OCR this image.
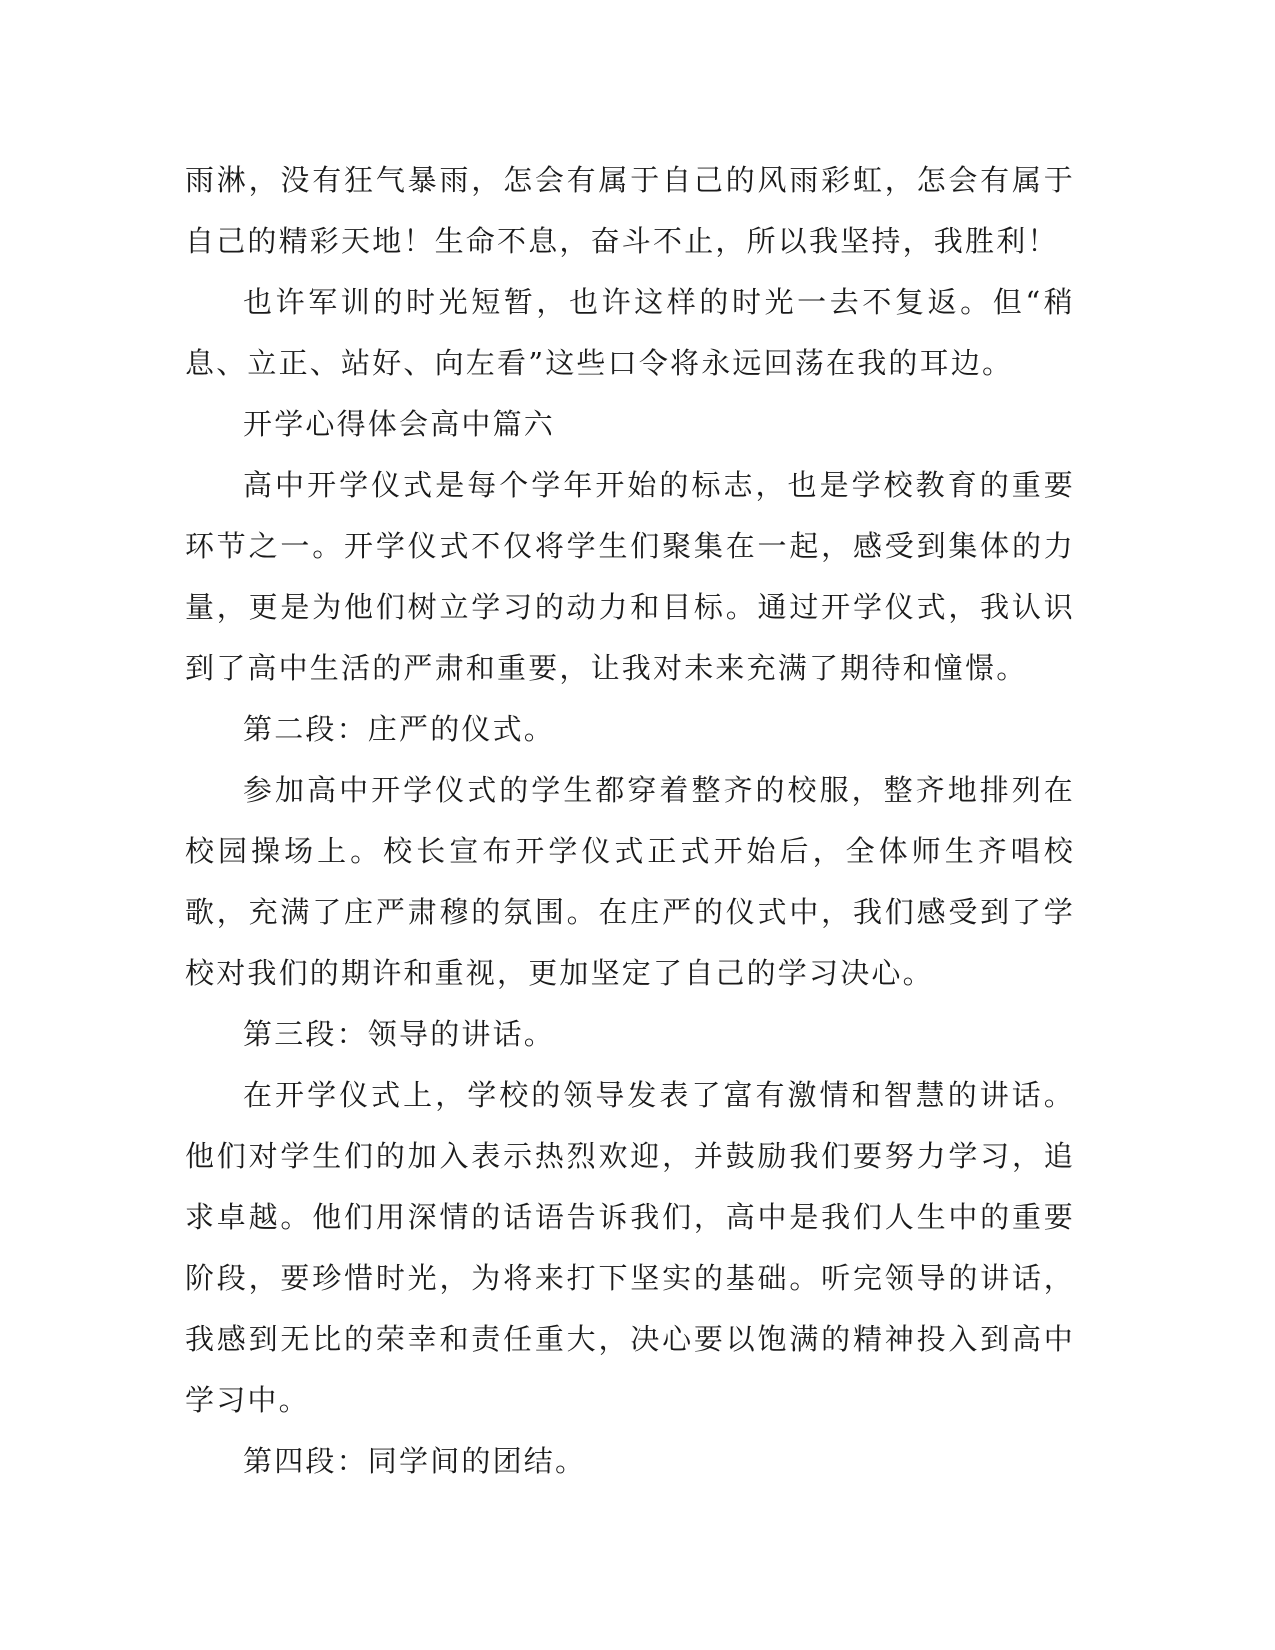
雨淋，没有狂气暴雨，怎会有属于自己的风雨彩虹，怎会有属于自己的精彩天地！生命不息，奋斗不止，所以我坚持，我胜利！

也许军训的时光短暂，也许这样的时光一去不复返。但“稍息、立正、站好、向左看”这些口令将永远回荡在我的耳边。

开学心得体会高中篇六

高中开学仪式是每个学年开始的标志，也是学校教育的重要环节之一。开学仪式不仅将学生们聚集在一起，感受到集体的力量，更是为他们树立学习的动力和目标。通过开学仪式，我认识到了高中生活的严肃和重要，让我对未来充满了期待和憧憬。

第二段：庄严的仪式。

参加高中开学仪式的学生都穿着整齐的校服，整齐地排列在校园操场上。校长宣布开学仪式正式开始后，全体师生齐唱校歌，充满了庄严肃穆的氛围。在庄严的仪式中，我们感受到了学校对我们的期许和重视，更加坚定了自己的学习决心。

第三段：领导的讲话。

在开学仪式上，学校的领导发表了富有激情和智慧的讲话。他们对学生们的加入表示热烈欢迎，并鼓励我们要努力学习，追求卓越。他们用深情的话语告诉我们，高中是我们人生中的重要阶段，要珍惜时光，为将来打下坚实的基础。听完领导的讲话，我感到无比的荣幸和责任重大，决心要以饱满的精神投入到高中学习中。

第四段：同学间的团结。
